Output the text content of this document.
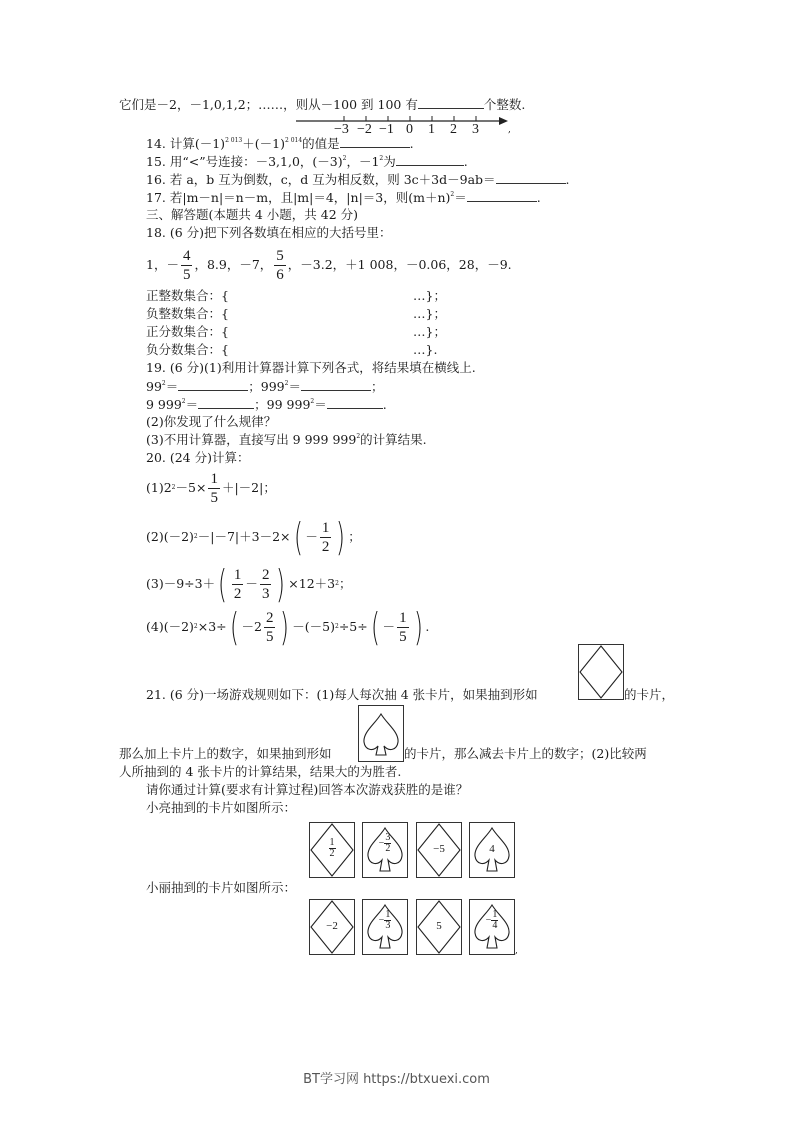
它们是－2，－1,0,1,2；……，则从－100 到 100 有	个整数.
−3 −2 −1 0 1 2 3	,
14. 计算$(-1)^{2 013}+(-1)^{2 014}$的值是	.
15. 用“<”号连接：－3,1,0，$(-3)^2$，$-1^2$为	.
16. 若 a，b 互为倒数，c，d 互为相反数，则 3c＋3d－9ab＝	.
17. 若|m－n|＝n－m，且|m|＝4，|n|＝3，则$(m+n)^2=$	.
三、解答题(本题共 4 小题，共 42 分)
18. (6 分)把下列各数填在相应的大括号里：
1，－ $\frac{4}{5}$ ，8.9，－7， $\frac{5}{6}$ ，－3.2，＋1 008，－0.06，28，－9.
正整数集合：{	…}；
负整数集合：{	…}；
正分数集合：{	…}；
负分数集合：{	…}.
19. (6 分)(1)利用计算器计算下列各式，将结果填在横线上.
$99^2=$	；$999^2=$	；
9 $999^2=$	；99 $999^2=$	.
(2)你发现了什么规律？
(3)不用计算器，直接写出 9 999 $999^2$的计算结果.
20. (24 分)计算：
(1)2 $2 -5\times \frac{1}{5} +|-2|$；
(2)(－2) 2 －|－7|＋3－2× ( － $\frac{1}{2}$ ) ；
(3)－9÷3＋ ( $\frac{1}{2} - \frac{2}{3}$ ) ×12＋3 2 ；
(4)(－2) 2 ×3÷ ( $-2 \frac{2}{5}$ ) －(－5) 2 ÷5÷ ( － $\frac{1}{5}$ ) .
21. (6 分)一场游戏规则如下：(1)每人每次抽 4 张卡片，如果抽到形如	的卡片，
那么加上卡片上的数字，如果抽到形如	的卡片，那么减去卡片上的数字；(2)比较两
人所抽到的 4 张卡片的计算结果，结果大的为胜者.
请你通过计算(要求有计算过程)回答本次游戏获胜的是谁？
小亮抽到的卡片如图所示：
$\frac{1}{2}$	− $\frac{3}{2}$	−5	4
小丽抽到的卡片如图所示：
−2	− $\frac{1}{3}$	5	− $\frac{1}{4}$
,
BT学习网 https://btxuexi.com
